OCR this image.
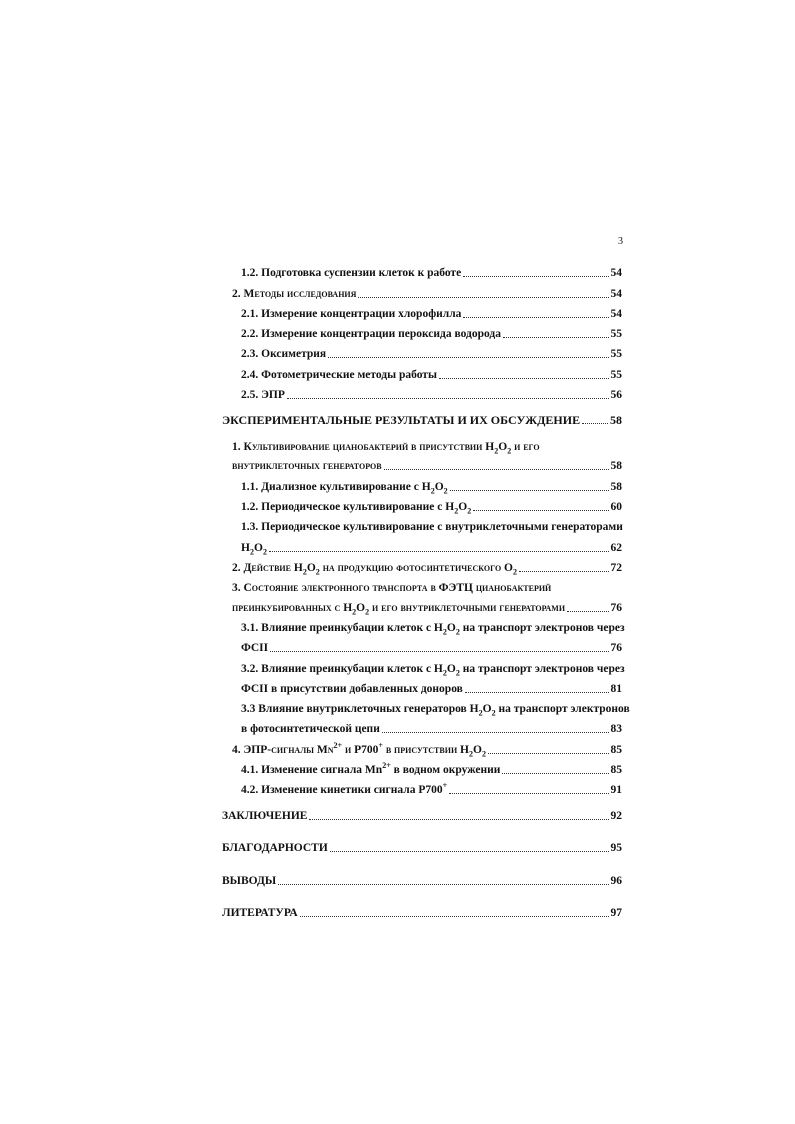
3
1.2. Подготовка суспензии клеток к работе	54
2. Методы исследования	54
2.1. Измерение концентрации хлорофилла	54
2.2. Измерение концентрации пероксида водорода	55
2.3. Оксиметрия	55
2.4. Фотометрические методы работы	55
2.5. ЭПР	56
ЭКСПЕРИМЕНТАЛЬНЫЕ РЕЗУЛЬТАТЫ И ИХ ОБСУЖДЕНИЕ 58
1. Культивирование цианобактерий в присутствии $H_2O_2$ и его
внутриклеточных генераторов	58
1.1. Диализное культивирование с $H_2O_2$	58
1.2. Периодическое культивирование с $H_2O_2$	60
1.3. Периодическое культивирование с внутриклеточными генераторами
$H_2O_2$	62
2. Действие $H_2O_2$ на продукцию фотосинтетического $O_2$	72
3. Состояние электронного транспорта в ФЭТЦ цианобактерий
преинкубированных с $H_2O_2$ и его внутриклеточными генераторами	76
3.1. Влияние преинкубации клеток с $H_2O_2$ на транспорт электронов через
ФСII	76
3.2. Влияние преинкубации клеток с $H_2O_2$ на транспорт электронов через
ФСII в присутствии добавленных доноров	81
3.3 Влияние внутриклеточных генераторов $H_2O_2$ на транспорт электронов
в фотосинтетической цепи	83
4. ЭПР-сигналы $Mn^{2+}$ и P700+ в присутствии $H_2O_2$	85
4.1. Изменение сигнала $Mn^{2+}$ в водном окружении	85
4.2. Изменение кинетики сигнала P700+	91
ЗАКЛЮЧЕНИЕ	92
БЛАГОДАРНОСТИ	95
ВЫВОДЫ	96
ЛИТЕРАТУРА	97
